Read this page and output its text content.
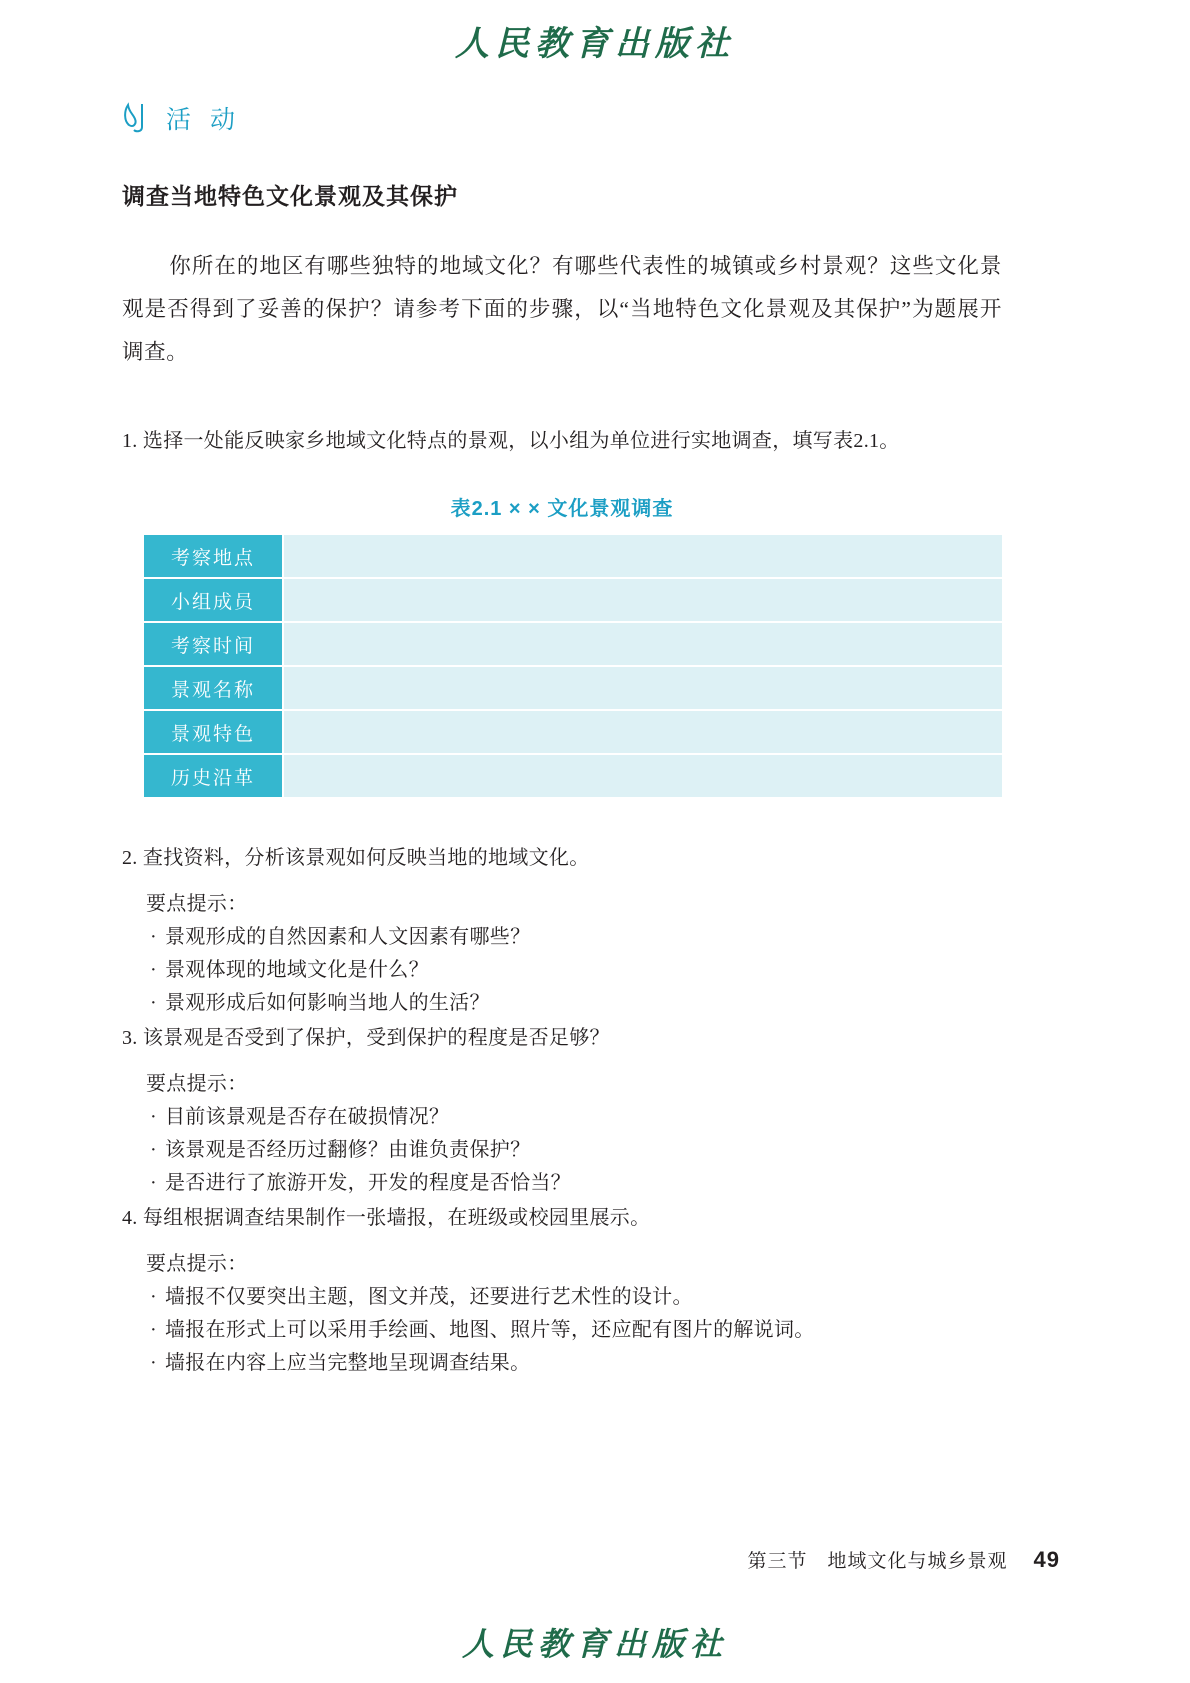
人民教育出版社
活 动
调查当地特色文化景观及其保护

你所在的地区有哪些独特的地域文化？有哪些代表性的城镇或乡村景观？这些文化景观是否得到了妥善的保护？请参考下面的步骤，以“当地特色文化景观及其保护”为题展开调查。

1. 选择一处能反映家乡地域文化特点的景观，以小组为单位进行实地调查，填写表2.1。

表2.1 × × 文化景观调查
考察地点	
小组成员	
考察时间	
景观名称	
景观特色	
历史沿革	

2. 查找资料，分析该景观如何反映当地的地域文化。

要点提示：

· 景观形成的自然因素和人文因素有哪些？

· 景观体现的地域文化是什么？

· 景观形成后如何影响当地人的生活？

3. 该景观是否受到了保护，受到保护的程度是否足够？

要点提示：

· 目前该景观是否存在破损情况？

· 该景观是否经历过翻修？由谁负责保护？

· 是否进行了旅游开发，开发的程度是否恰当？

4. 每组根据调查结果制作一张墙报，在班级或校园里展示。

要点提示：

· 墙报不仅要突出主题，图文并茂，还要进行艺术性的设计。

· 墙报在形式上可以采用手绘画、地图、照片等，还应配有图片的解说词。

· 墙报在内容上应当完整地呈现调查结果。

第三节　地域文化与城乡景观 49
人民教育出版社
